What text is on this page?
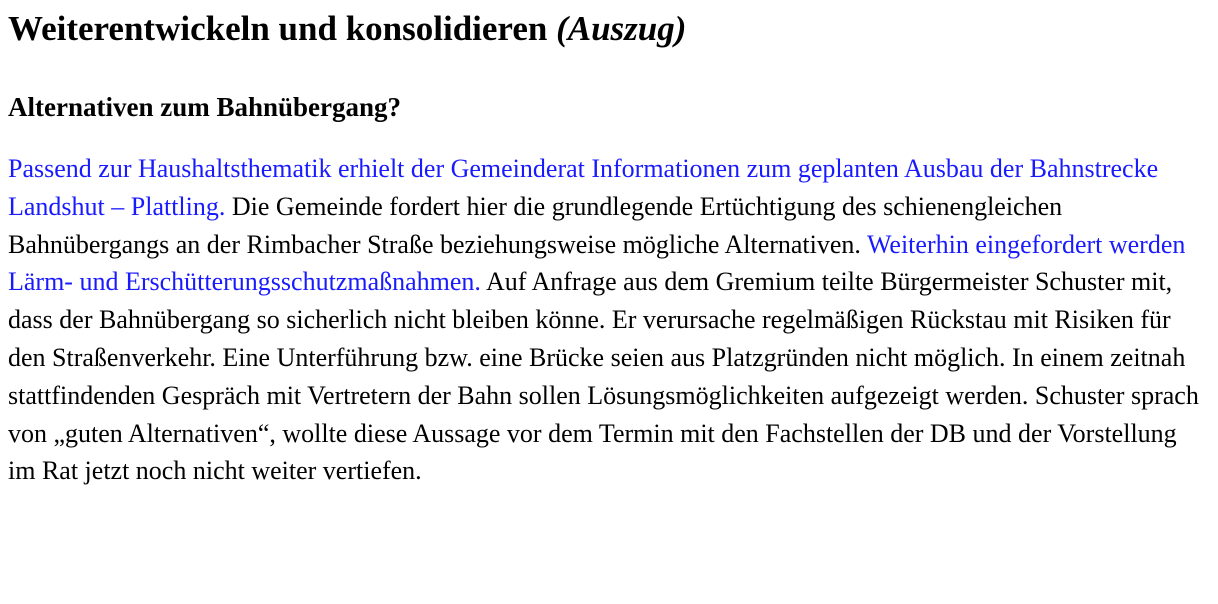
Weiterentwickeln und konsolidieren (Auszug)
Alternativen zum Bahnübergang?

Passend zur Haushaltsthematik erhielt der Gemeinderat Informationen zum geplanten Ausbau der Bahnstrecke Landshut – Plattling. Die Gemeinde fordert hier die grundlegende Ertüchtigung des schienengleichen Bahnübergangs an der Rimbacher Straße beziehungsweise mögliche Alternativen. Weiterhin eingefordert werden Lärm- und Erschütterungsschutzmaßnahmen. Auf Anfrage aus dem Gremium teilte Bürgermeister Schuster mit, dass der Bahnübergang so sicherlich nicht bleiben könne. Er verursache regelmäßigen Rückstau mit Risiken für den Straßenverkehr. Eine Unterführung bzw. eine Brücke seien aus Platzgründen nicht möglich. In einem zeitnah stattfindenden Gespräch mit Vertretern der Bahn sollen Lösungsmöglichkeiten aufgezeigt werden. Schuster sprach von „guten Alternativen“, wollte diese Aussage vor dem Termin mit den Fachstellen der DB und der Vorstellung im Rat jetzt noch nicht weiter vertiefen.
